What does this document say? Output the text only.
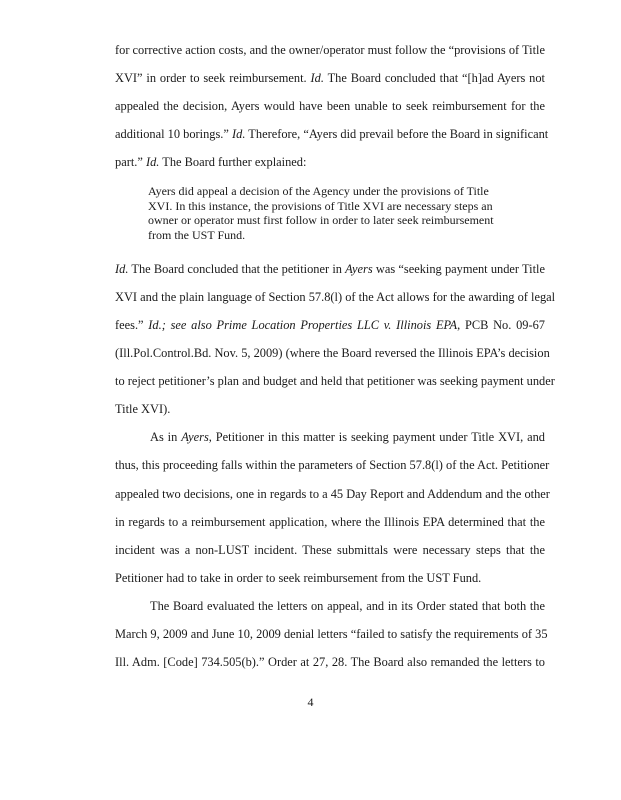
for corrective action costs, and the owner/operator must follow the “provisions of Title
XVI” in order to seek reimbursement. Id. The Board concluded that “[h]ad Ayers not
appealed the decision, Ayers would have been unable to seek reimbursement for the
additional 10 borings.” Id. Therefore, “Ayers did prevail before the Board in significant
part.” Id. The Board further explained:
Ayers did appeal a decision of the Agency under the provisions of Title
XVI. In this instance, the provisions of Title XVI are necessary steps an
owner or operator must first follow in order to later seek reimbursement
from the UST Fund.
Id. The Board concluded that the petitioner in Ayers was “seeking payment under Title
XVI and the plain language of Section 57.8(l) of the Act allows for the awarding of legal
fees.” Id.; see also Prime Location Properties LLC v. Illinois EPA, PCB No. 09-67
(Ill.Pol.Control.Bd. Nov. 5, 2009) (where the Board reversed the Illinois EPA’s decision
to reject petitioner’s plan and budget and held that petitioner was seeking payment under
Title XVI).
As in Ayers, Petitioner in this matter is seeking payment under Title XVI, and
thus, this proceeding falls within the parameters of Section 57.8(l) of the Act. Petitioner
appealed two decisions, one in regards to a 45 Day Report and Addendum and the other
in regards to a reimbursement application, where the Illinois EPA determined that the
incident was a non-LUST incident. These submittals were necessary steps that the
Petitioner had to take in order to seek reimbursement from the UST Fund.
The Board evaluated the letters on appeal, and in its Order stated that both the
March 9, 2009 and June 10, 2009 denial letters “failed to satisfy the requirements of 35
Ill. Adm. [Code] 734.505(b).” Order at 27, 28. The Board also remanded the letters to
4
